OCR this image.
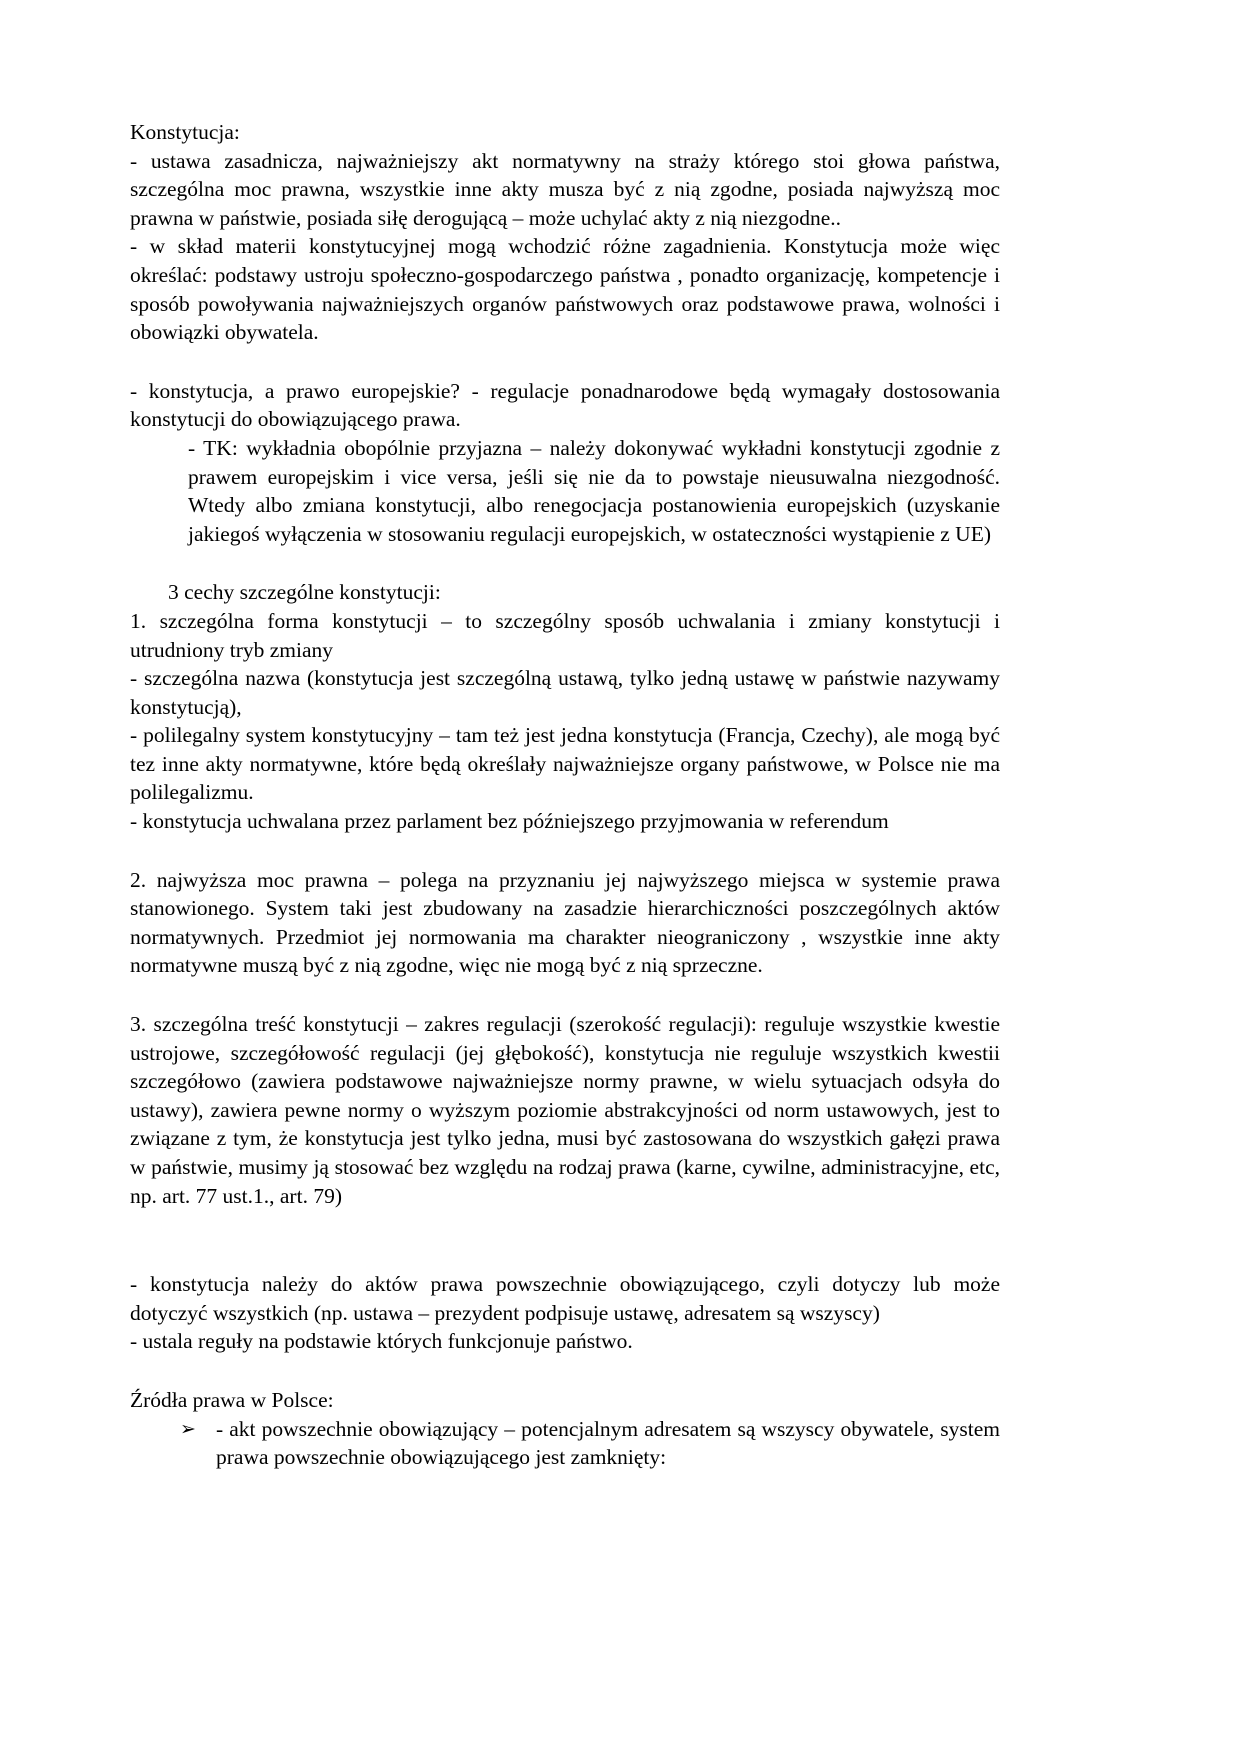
Konstytucja:

- ustawa zasadnicza, najważniejszy akt normatywny na straży którego stoi głowa państwa, szczególna moc prawna, wszystkie inne akty musza być z nią zgodne, posiada najwyższą moc prawna w państwie, posiada siłę derogującą – może uchylać akty z nią niezgodne..

- w skład materii konstytucyjnej mogą wchodzić różne zagadnienia. Konstytucja może więc określać: podstawy ustroju społeczno-gospodarczego państwa , ponadto organizację, kompetencje i sposób powoływania najważniejszych organów państwowych oraz podstawowe prawa, wolności i obowiązki obywatela.

- konstytucja, a prawo europejskie? - regulacje ponadnarodowe będą wymagały dostosowania konstytucji do obowiązującego prawa.

- TK: wykładnia obopólnie przyjazna – należy dokonywać wykładni konstytucji zgodnie z prawem europejskim i vice versa, jeśli się nie da to powstaje nieusuwalna niezgodność. Wtedy albo zmiana konstytucji, albo renegocjacja postanowienia europejskich (uzyskanie jakiegoś wyłączenia w stosowaniu regulacji europejskich, w ostateczności wystąpienie z UE)

3 cechy szczególne konstytucji:

1. szczególna forma konstytucji – to szczególny sposób uchwalania i zmiany konstytucji i utrudniony tryb zmiany

- szczególna nazwa (konstytucja jest szczególną ustawą, tylko jedną ustawę w państwie nazywamy konstytucją),

- polilegalny system konstytucyjny – tam też jest jedna konstytucja (Francja, Czechy), ale mogą być tez inne akty normatywne, które będą określały najważniejsze organy państwowe, w Polsce nie ma polilegalizmu.

- konstytucja uchwalana przez parlament bez późniejszego przyjmowania w referendum

2. najwyższa moc prawna – polega na przyznaniu jej najwyższego miejsca w systemie prawa stanowionego. System taki jest zbudowany na zasadzie hierarchiczności poszczególnych aktów normatywnych. Przedmiot jej normowania ma charakter nieograniczony , wszystkie inne akty normatywne muszą być z nią zgodne, więc nie mogą być z nią sprzeczne.

3. szczególna treść konstytucji – zakres regulacji (szerokość regulacji): reguluje wszystkie kwestie ustrojowe, szczegółowość regulacji (jej głębokość), konstytucja nie reguluje wszystkich kwestii szczegółowo (zawiera podstawowe najważniejsze normy prawne, w wielu sytuacjach odsyła do ustawy), zawiera pewne normy o wyższym poziomie abstrakcyjności od norm ustawowych, jest to związane z tym, że konstytucja jest tylko jedna, musi być zastosowana do wszystkich gałęzi prawa w państwie, musimy ją stosować bez względu na rodzaj prawa (karne, cywilne, administracyjne, etc, np. art. 77 ust.1., art. 79)

- konstytucja należy do aktów prawa powszechnie obowiązującego, czyli dotyczy lub może dotyczyć wszystkich (np. ustawa – prezydent podpisuje ustawę, adresatem są wszyscy)

- ustala reguły na podstawie których funkcjonuje państwo.

Źródła prawa w Polsce:

➢ - akt powszechnie obowiązujący – potencjalnym adresatem są wszyscy obywatele, system prawa powszechnie obowiązującego jest zamknięty:
